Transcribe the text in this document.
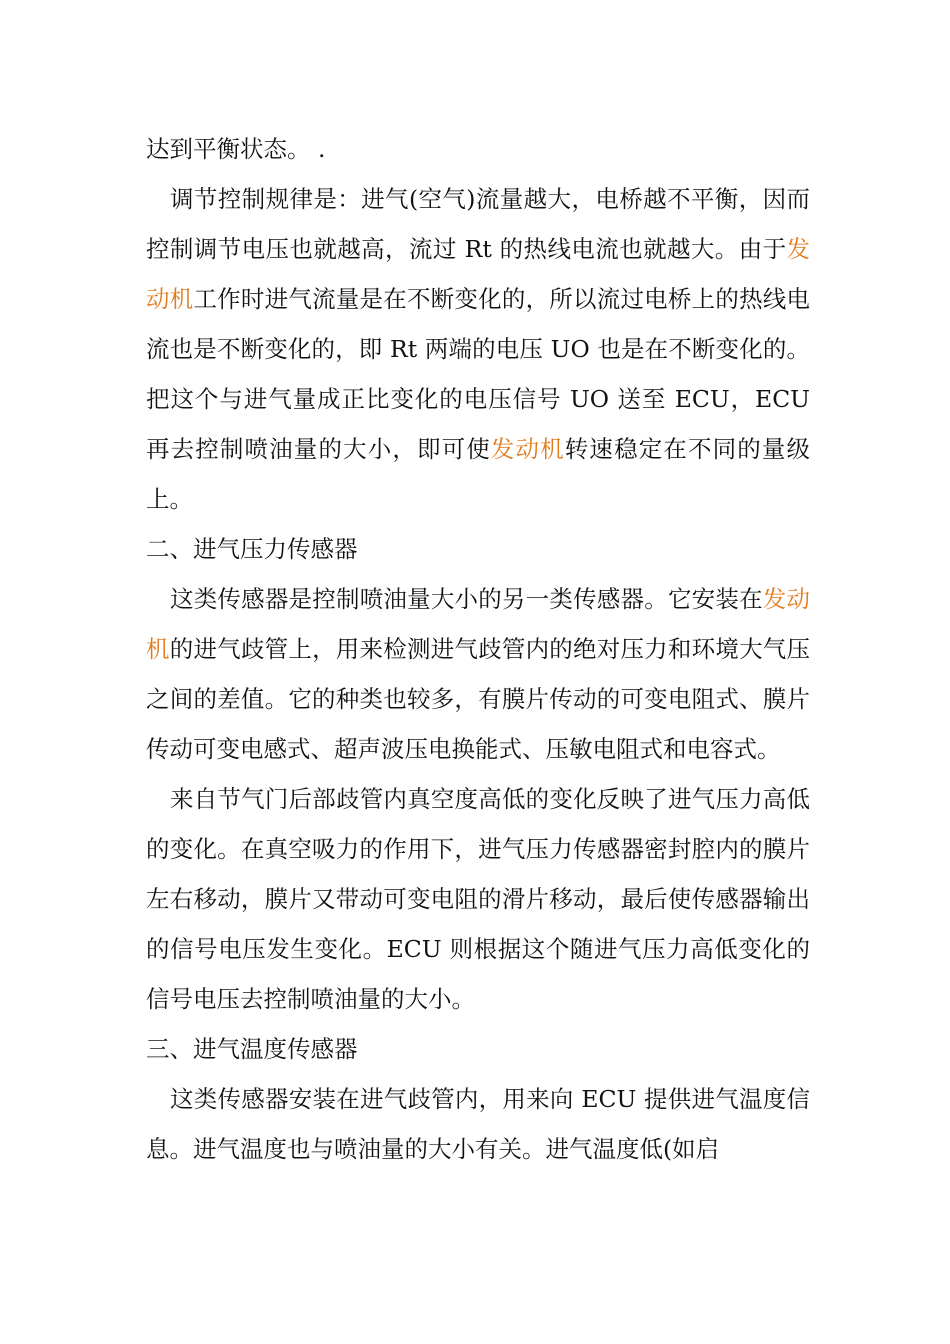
达到平衡状态。 .

调节控制规律是：进气(空气)流量越大，电桥越不平衡，因而控制调节电压也就越高，流过 Rt 的热线电流也就越大。由于发动机工作时进气流量是在不断变化的，所以流过电桥上的热线电流也是不断变化的，即 Rt 两端的电压 UO 也是在不断变化的。把这个与进气量成正比变化的电压信号 UO 送至 ECU，ECU 再去控制喷油量的大小，即可使发动机转速稳定在不同的量级上。

二、进气压力传感器

这类传感器是控制喷油量大小的另一类传感器。它安装在发动机的进气歧管上，用来检测进气歧管内的绝对压力和环境大气压之间的差值。它的种类也较多，有膜片传动的可变电阻式、膜片传动可变电感式、超声波压电换能式、压敏电阻式和电容式。

来自节气门后部歧管内真空度高低的变化反映了进气压力高低的变化。在真空吸力的作用下，进气压力传感器密封腔内的膜片左右移动，膜片又带动可变电阻的滑片移动，最后使传感器输出的信号电压发生变化。ECU 则根据这个随进气压力高低变化的信号电压去控制喷油量的大小。

三、进气温度传感器

这类传感器安装在进气歧管内，用来向 ECU 提供进气温度信息。进气温度也与喷油量的大小有关。进气温度低(如启
